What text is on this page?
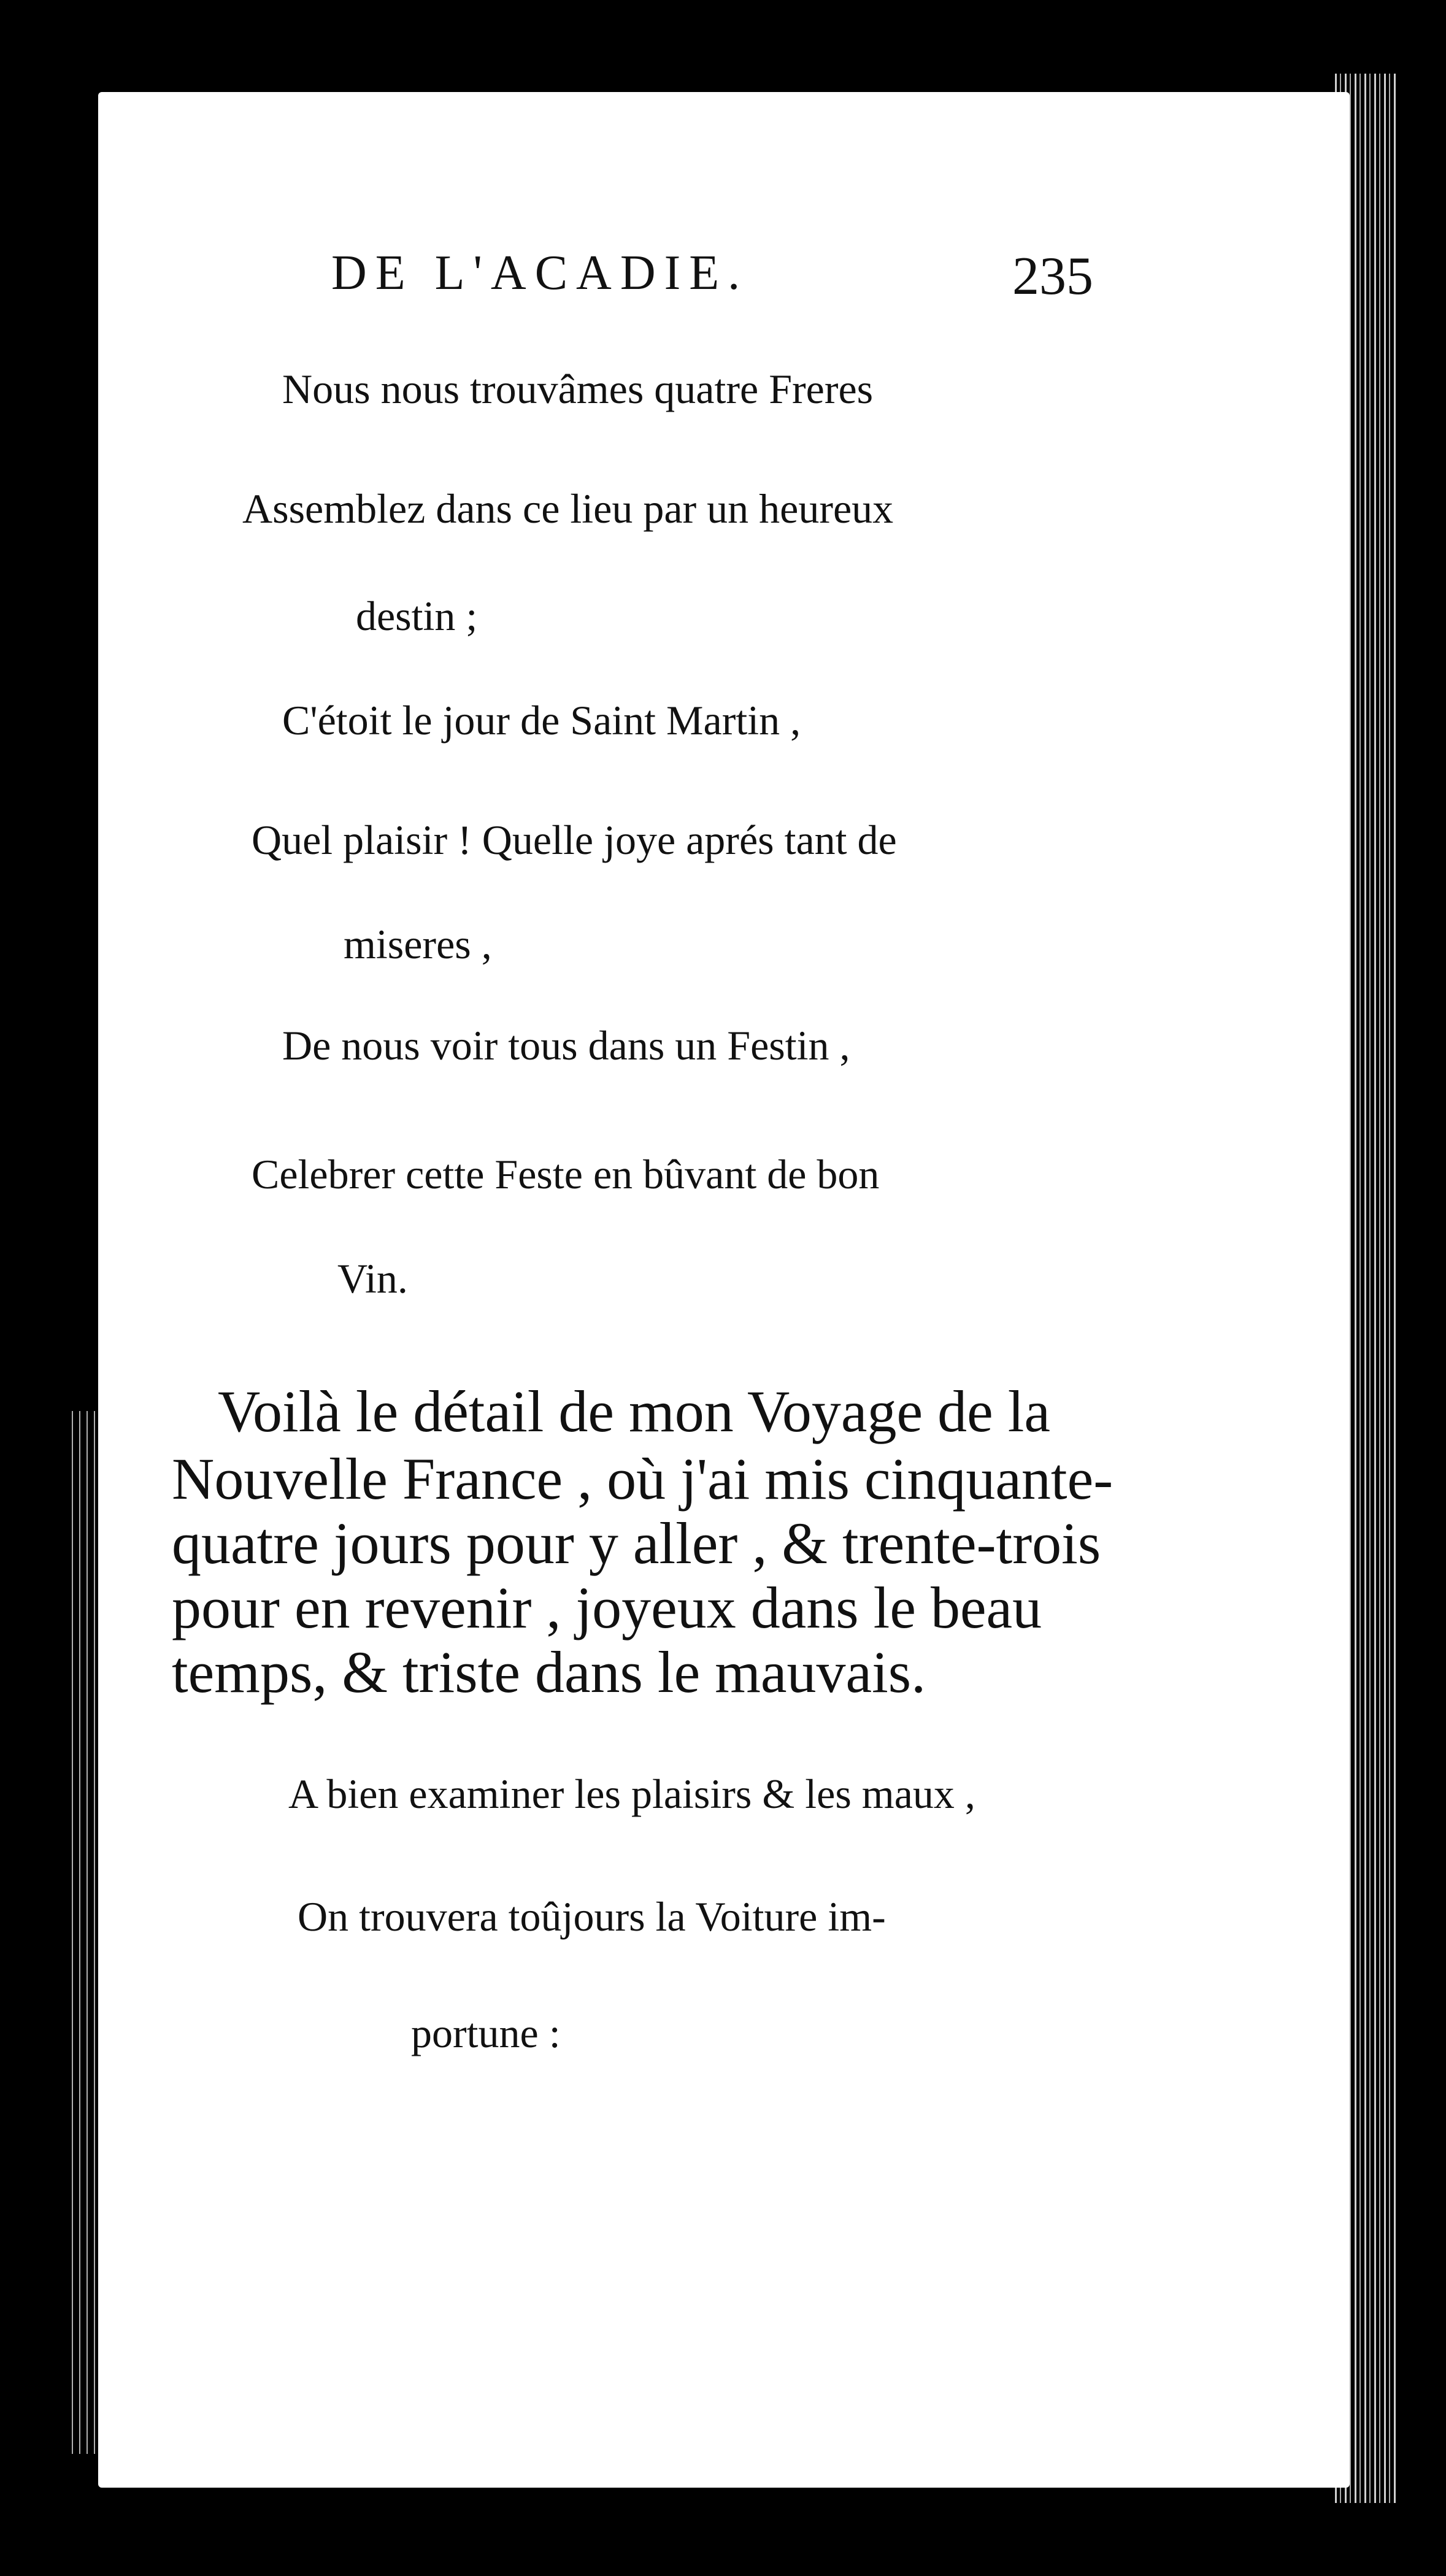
DE L'ACADIE.	235
Nous nous trouvâmes quatre Freres
Assemblez dans ce lieu par un heureux
destin ;
C'étoit le jour de Saint Martin ,
Quel plaisir ! Quelle joye aprés tant de
miseres ,
De nous voir tous dans un Festin ,
Celebrer cette Feste en bûvant de bon
Vin.
Voilà le détail de mon Voyage de la
Nouvelle France , où j'ai mis cinquante-
quatre jours pour y aller , & trente-trois
pour en revenir , joyeux dans le beau
temps, & triste dans le mauvais.
A bien examiner les plaisirs & les maux ,
On trouvera toûjours la Voiture im-
portune :
